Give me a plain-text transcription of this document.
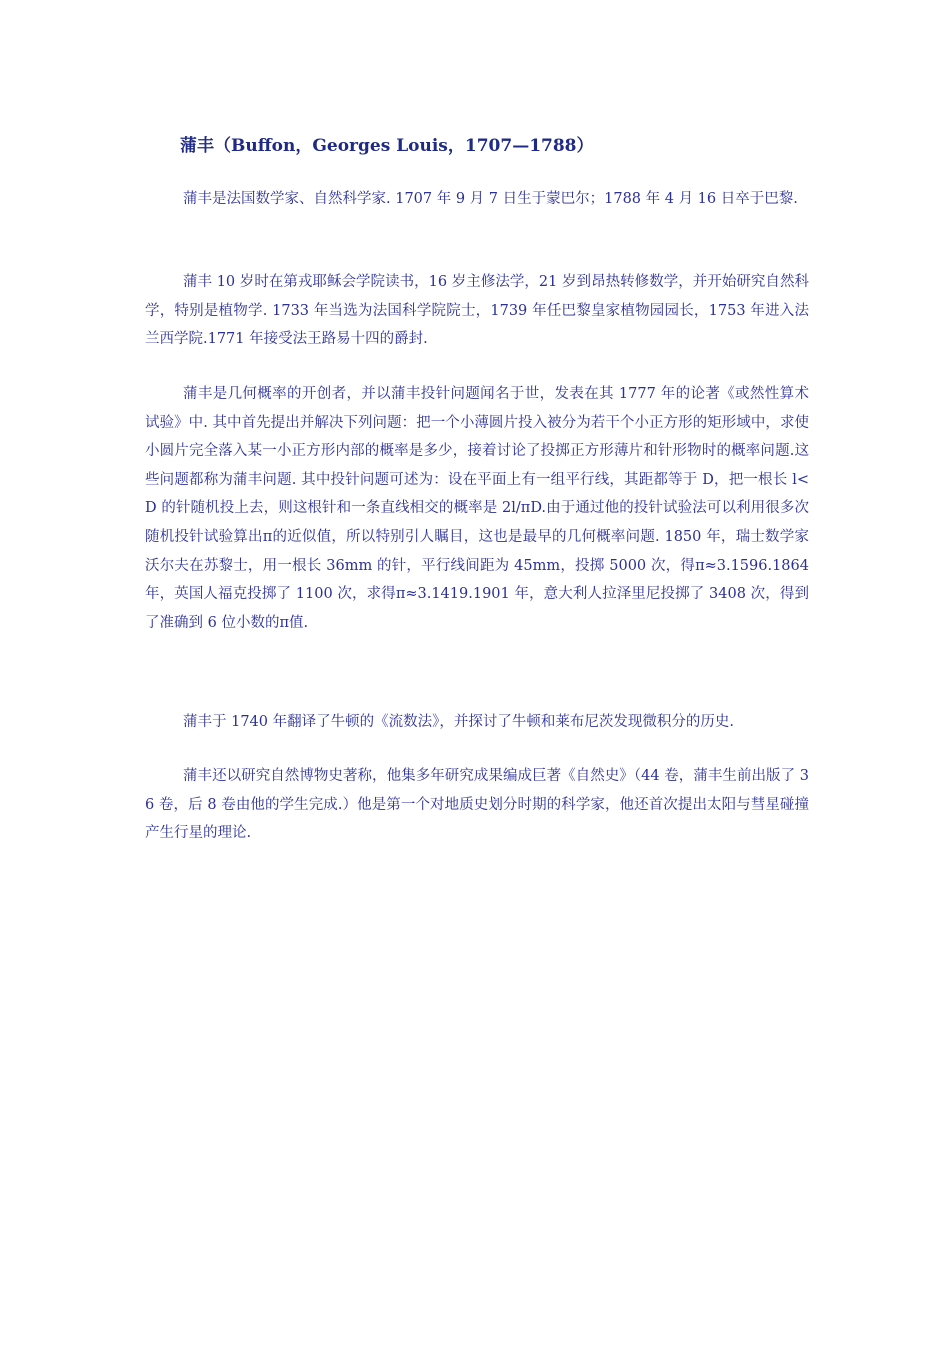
蒲丰（Buffon，Georges Louis，1707—1788）

蒲丰是法国数学家、自然科学家. 1707 年 9 月 7 日生于蒙巴尔；1788 年 4 月 16 日卒于巴黎.

蒲丰 10 岁时在第戎耶稣会学院读书，16 岁主修法学，21 岁到昂热转修数学，并开始研究自然科学，特别是植物学. 1733 年当选为法国科学院院士，1739 年任巴黎皇家植物园园长，1753 年进入法兰西学院.1771 年接受法王路易十四的爵封.

蒲丰是几何概率的开创者，并以蒲丰投针问题闻名于世，发表在其 1777 年的论著《或然性算术试验》中. 其中首先提出并解决下列问题：把一个小薄圆片投入被分为若干个小正方形的矩形域中，求使小圆片完全落入某一小正方形内部的概率是多少，接着讨论了投掷正方形薄片和针形物时的概率问题.这些问题都称为蒲丰问题. 其中投针问题可述为：设在平面上有一组平行线，其距都等于 D，把一根长 l<D 的针随机投上去，则这根针和一条直线相交的概率是 2l/πD.由于通过他的投针试验法可以利用很多次随机投针试验算出π的近似值，所以特别引人瞩目，这也是最早的几何概率问题. 1850 年，瑞士数学家沃尔夫在苏黎士，用一根长 36mm 的针，平行线间距为 45mm，投掷 5000 次，得π≈3.1596.1864 年，英国人福克投掷了 1100 次，求得π≈3.1419.1901 年，意大利人拉泽里尼投掷了 3408 次，得到了准确到 6 位小数的π值.

蒲丰于 1740 年翻译了牛顿的《流数法》，并探讨了牛顿和莱布尼茨发现微积分的历史.

蒲丰还以研究自然博物史著称，他集多年研究成果编成巨著《自然史》（44 卷，蒲丰生前出版了 36 卷，后 8 卷由他的学生完成.）他是第一个对地质史划分时期的科学家，他还首次提出太阳与彗星碰撞产生行星的理论.
